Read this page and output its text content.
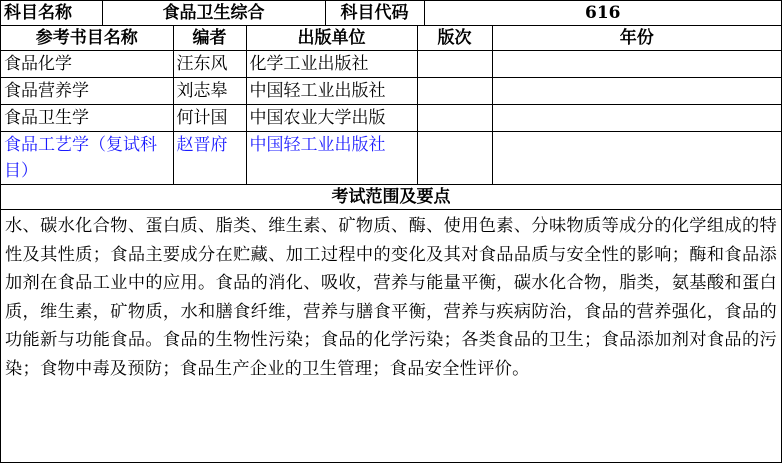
科目名称	食品卫生综合	科目代码	616
参考书目名称	编者	出版单位	版次	年份
食品化学	汪东风	化学工业出版社		
食品营养学	刘志皋	中国轻工业出版社		
食品卫生学	何计国	中国农业大学出版		
食品工艺学（复试科目）	赵晋府	中国轻工业出版社		
考试范围及要点
水、碳水化合物、蛋白质、脂类、维生素、矿物质、酶、使用色素、分味物质等成分的化学组成的特性及其性质；食品主要成分在贮藏、加工过程中的变化及其对食品品质与安全性的影响；酶和食品添加剂在食品工业中的应用。食品的消化、吸收，营养与能量平衡，碳水化合物，脂类，氨基酸和蛋白质，维生素，矿物质，水和膳食纤维，营养与膳食平衡，营养与疾病防治，食品的营养强化，食品的功能新与功能食品。食品的生物性污染；食品的化学污染；各类食品的卫生；食品添加剂对食品的污染；食物中毒及预防；食品生产企业的卫生管理；食品安全性评价。
